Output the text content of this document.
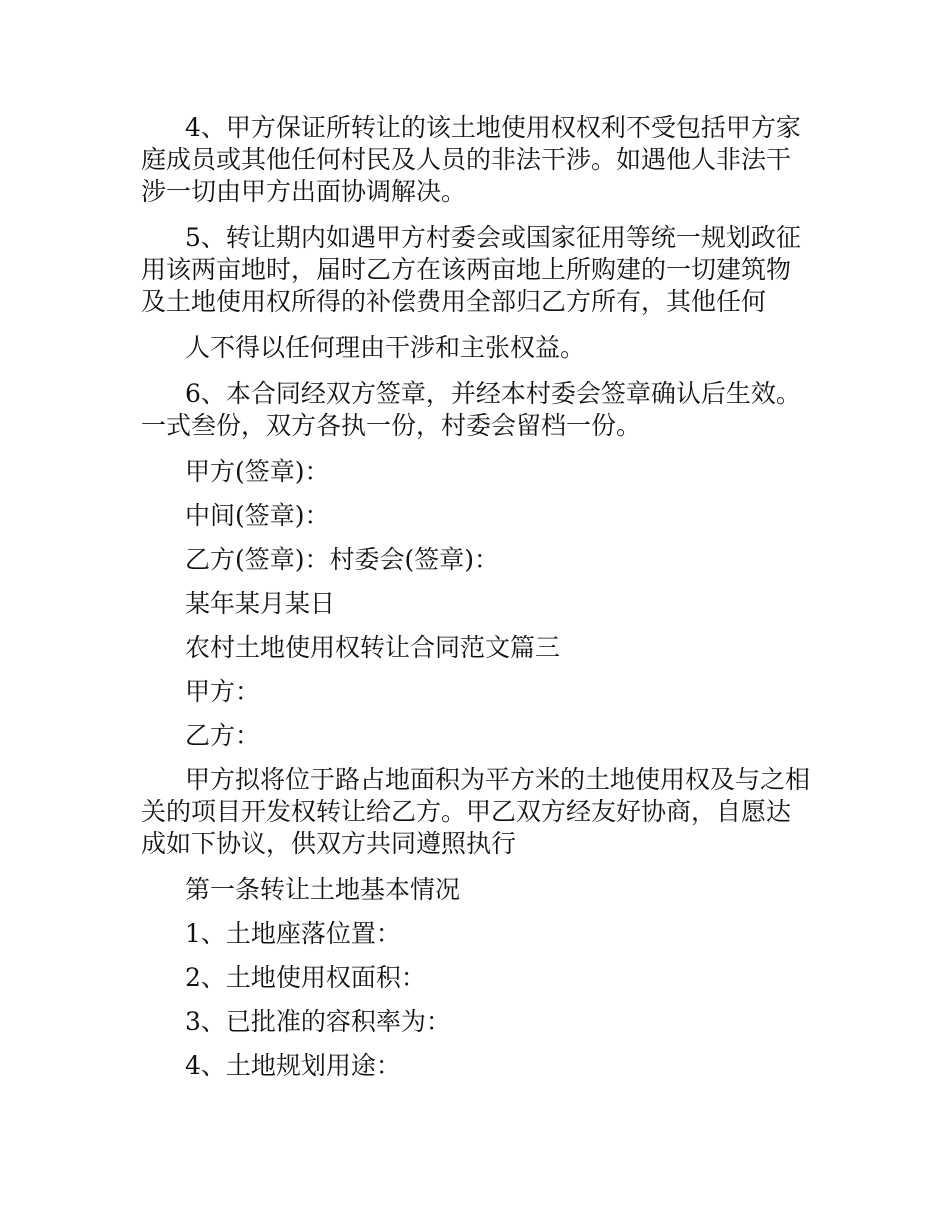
4、甲方保证所转让的该土地使用权权利不受包括甲方家庭成员或其他任何村民及人员的非法干涉。如遇他人非法干涉一切由甲方出面协调解决。

5、转让期内如遇甲方村委会或国家征用等统一规划政征用该两亩地时，届时乙方在该两亩地上所购建的一切建筑物及土地使用权所得的补偿费用全部归乙方所有，其他任何

人不得以任何理由干涉和主张权益。

6、本合同经双方签章，并经本村委会签章确认后生效。一式叁份，双方各执一份，村委会留档一份。

甲方(签章)：

中间(签章)：

乙方(签章)：村委会(签章)：

某年某月某日

农村土地使用权转让合同范文篇三

甲方：

乙方：

甲方拟将位于路占地面积为平方米的土地使用权及与之相关的项目开发权转让给乙方。甲乙双方经友好协商，自愿达成如下协议，供双方共同遵照执行

第一条转让土地基本情况

1、土地座落位置：

2、土地使用权面积：

3、已批准的容积率为：

4、土地规划用途：
